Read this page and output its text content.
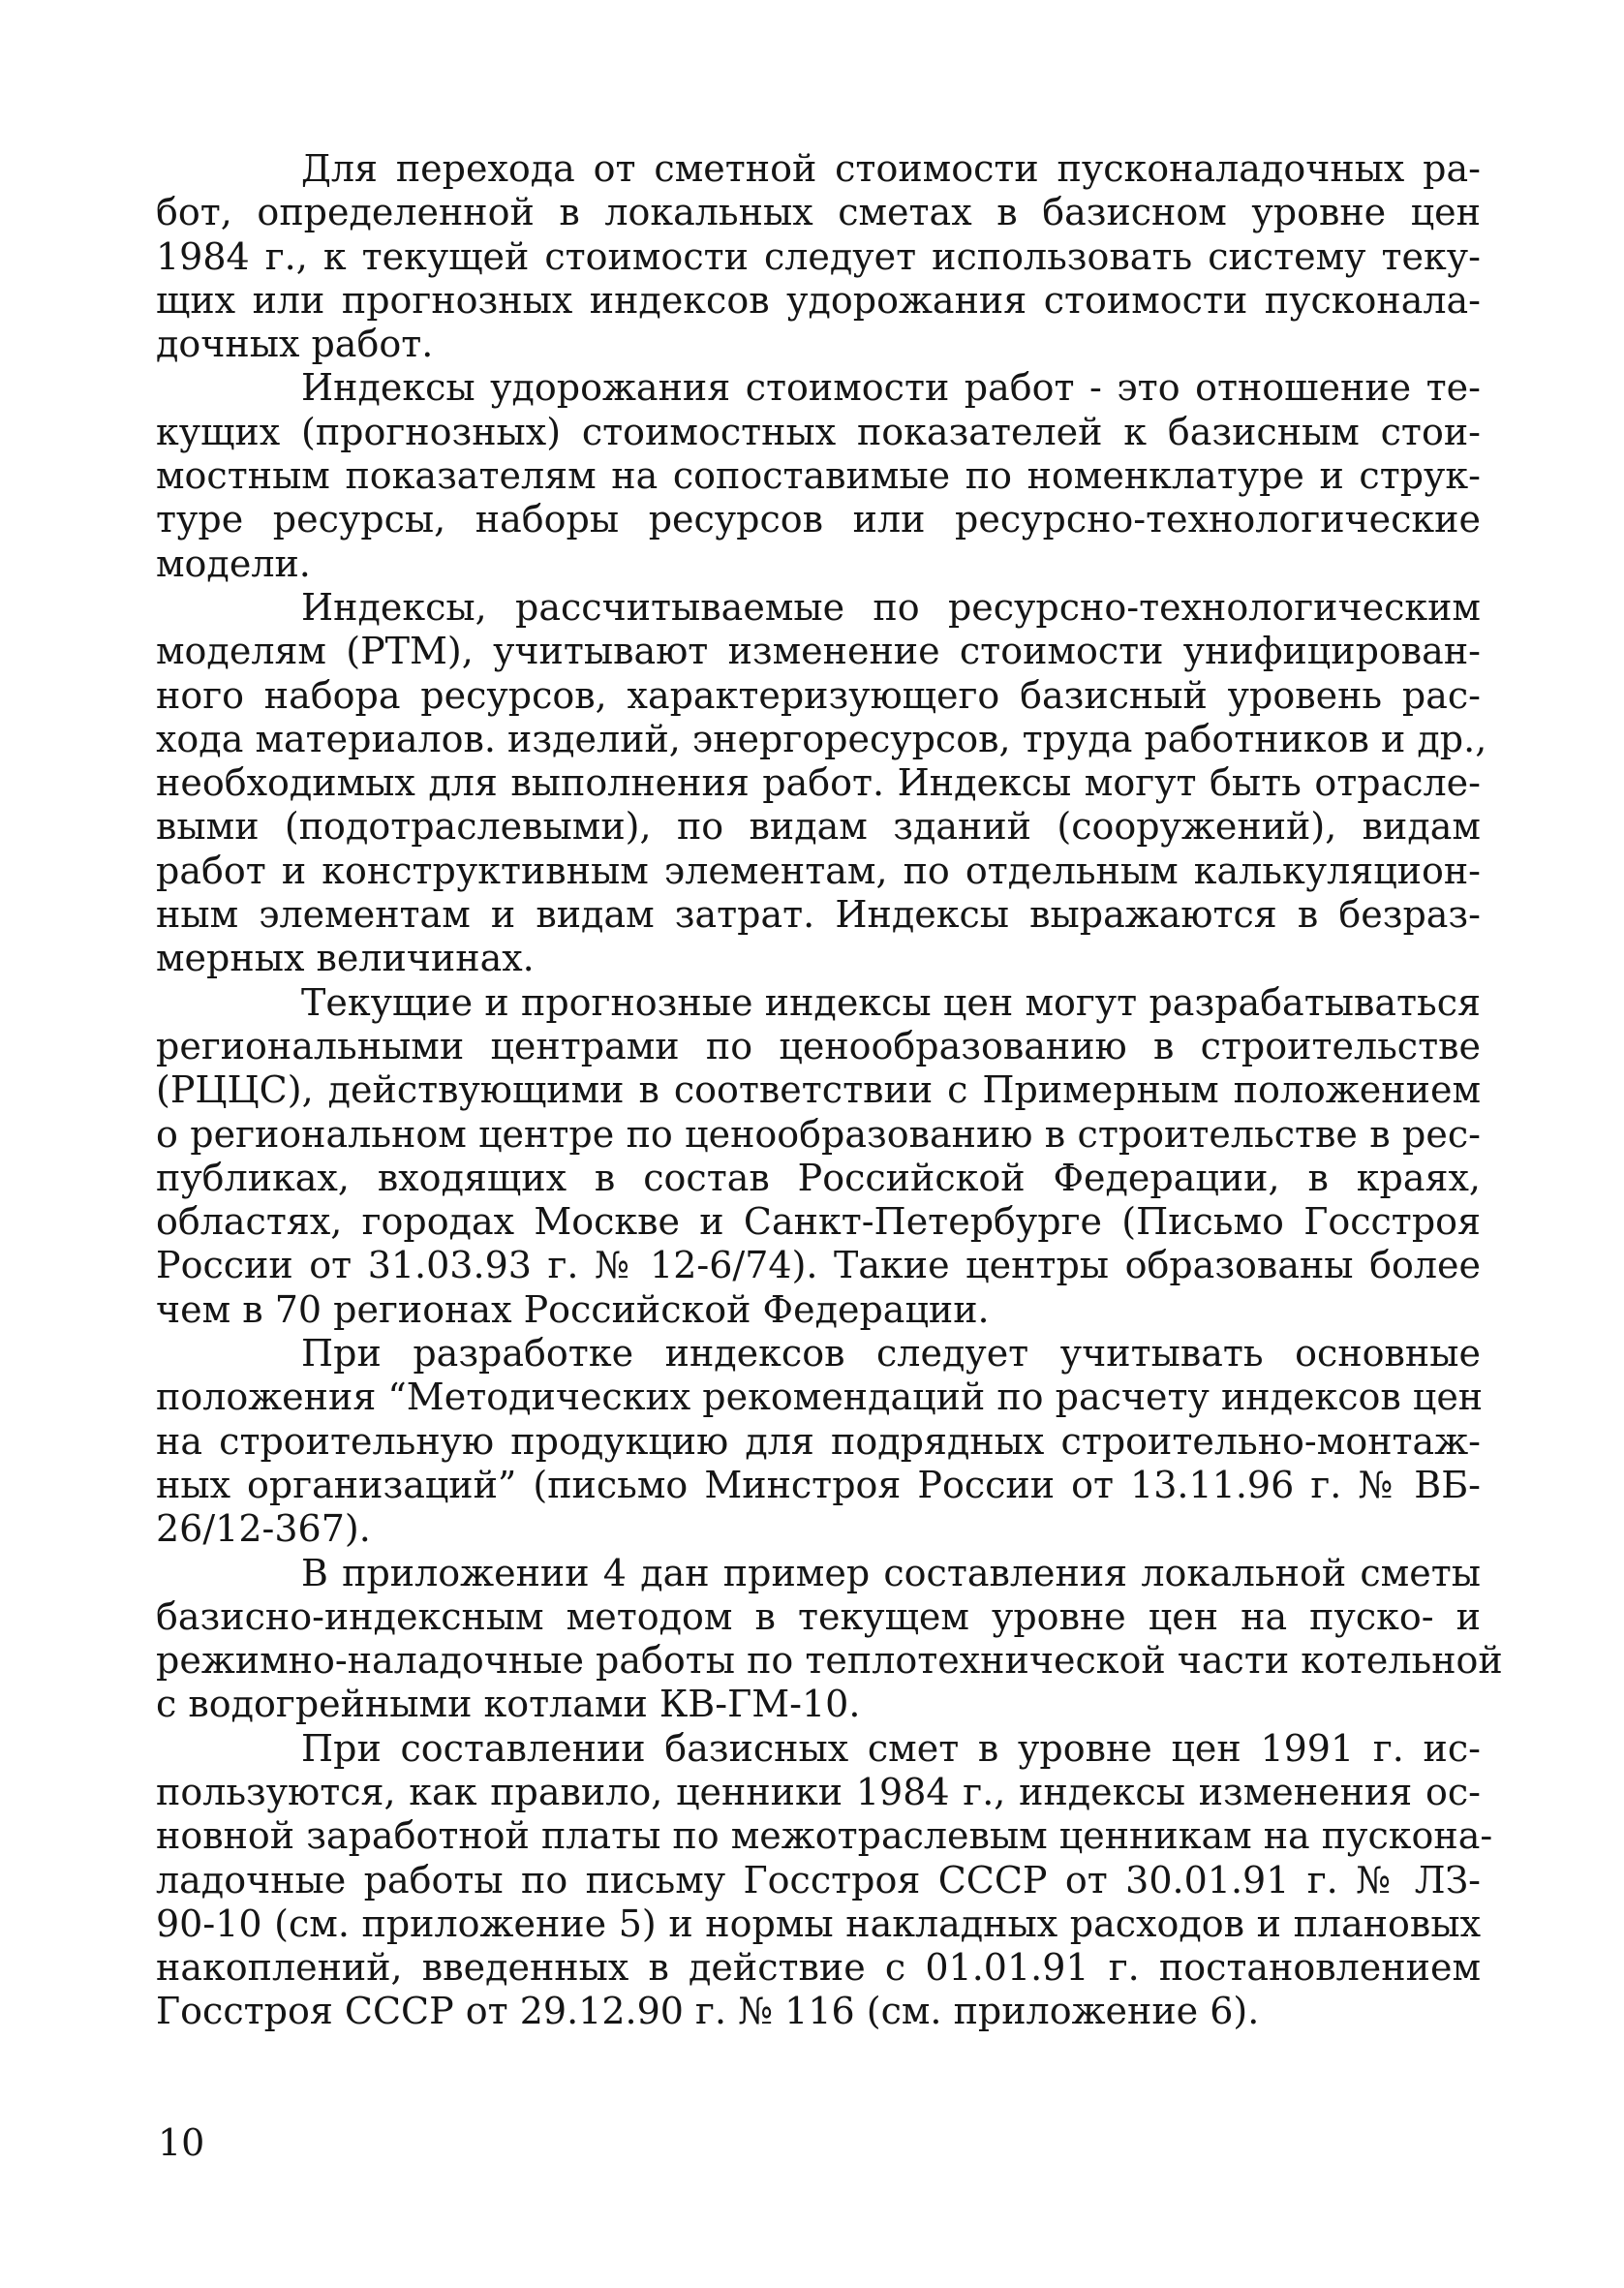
Для перехода от сметной стоимости пусконаладочных ра-
бот, определенной в локальных сметах в базисном уровне цен
1984 г., к текущей стоимости следует использовать систему теку-
щих или прогнозных индексов удорожания стоимости пусконала-
дочных работ.

Индексы удорожания стоимости работ - это отношение те-
кущих (прогнозных) стоимостных показателей к базисным стои-
мостным показателям на сопоставимые по номенклатуре и струк-
туре ресурсы, наборы ресурсов или ресурсно-технологические
модели.

Индексы, рассчитываемые по ресурсно-технологическим
моделям (РТМ), учитывают изменение стоимости унифицирован-
ного набора ресурсов, характеризующего базисный уровень рас-
хода материалов. изделий, энергоресурсов, труда работников и др.,
необходимых для выполнения работ. Индексы могут быть отрасле-
выми (подотраслевыми), по видам зданий (сооружений), видам
работ и конструктивным элементам, по отдельным калькуляцион-
ным элементам и видам затрат. Индексы выражаются в безраз-
мерных величинах.

Текущие и прогнозные индексы цен могут разрабатываться
региональными центрами по ценообразованию в строительстве
(РЦЦС), действующими в соответствии с Примерным положением
о региональном центре по ценообразованию в строительстве в рес-
публиках, входящих в состав Российской Федерации, в краях,
областях, городах Москве и Санкт-Петербурге (Письмо Госстроя
России от 31.03.93 г. № 12-6/74). Такие центры образованы более
чем в 70 регионах Российской Федерации.

При разработке индексов следует учитывать основные
положения “Методических рекомендаций по расчету индексов цен
на строительную продукцию для подрядных строительно-монтаж-
ных организаций” (письмо Минстроя России от 13.11.96 г. № ВБ-
26/12-367).

В приложении 4 дан пример составления локальной сметы
базисно-индексным методом в текущем уровне цен на пуско- и
режимно-наладочные работы по теплотехнической части котельной
с водогрейными котлами КВ-ГМ-10.

При составлении базисных смет в уровне цен 1991 г. ис-
пользуются, как правило, ценники 1984 г., индексы изменения ос-
новной заработной платы по межотраслевым ценникам на пускона-
ладочные работы по письму Госстроя СССР от 30.01.91 г. № ЛЗ-
90-10 (см. приложение 5) и нормы накладных расходов и плановых
накоплений, введенных в действие с 01.01.91 г. постановлением
Госстроя СССР от 29.12.90 г. № 116 (см. приложение 6).

10
